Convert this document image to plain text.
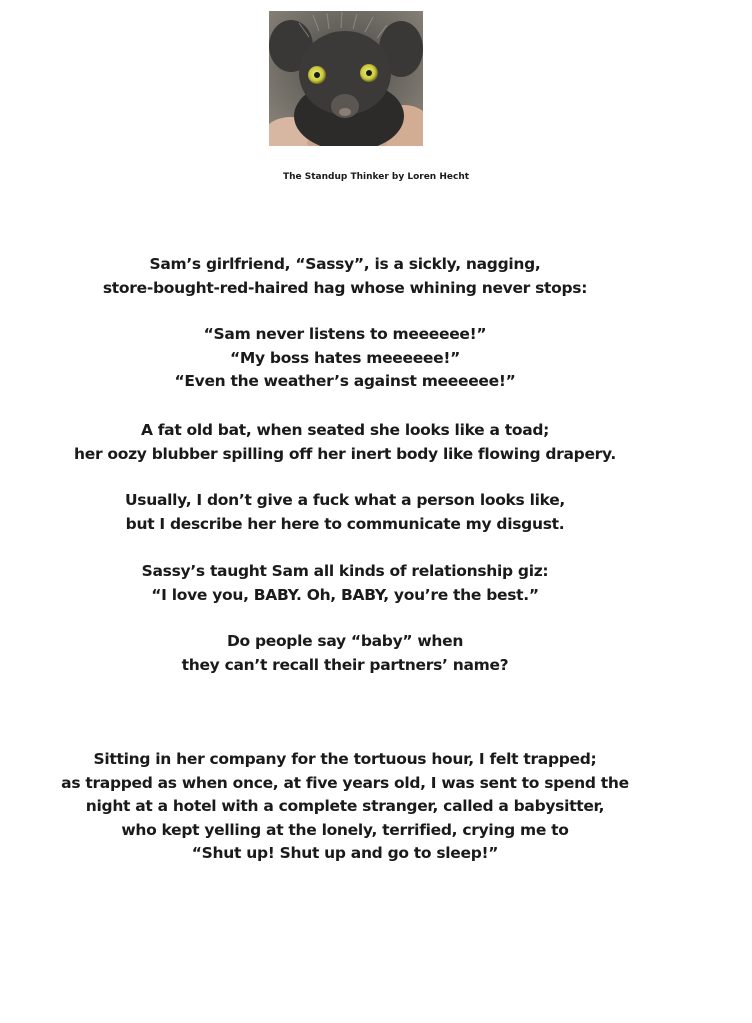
The Standup Thinker by Loren Hecht

Sam’s girlfriend, “Sassy”, is a sickly, nagging,
store-bought-red-haired hag whose whining never stops:

“Sam never listens to meeeeee!”
“My boss hates meeeeee!”
“Even the weather’s against meeeeee!”

A fat old bat, when seated she looks like a toad;
her oozy blubber spilling off her inert body like flowing drapery.

Usually, I don’t give a fuck what a person looks like,
but I describe her here to communicate my disgust.

Sassy’s taught Sam all kinds of relationship giz:
“I love you, BABY. Oh, BABY, you’re the best.”

Do people say “baby” when
they can’t recall their partners’ name?

Sitting in her company for the tortuous hour, I felt trapped;
as trapped as when once, at five years old, I was sent to spend the
night at a hotel with a complete stranger, called a babysitter,
who kept yelling at the lonely, terrified, crying me to
“Shut up! Shut up and go to sleep!”
